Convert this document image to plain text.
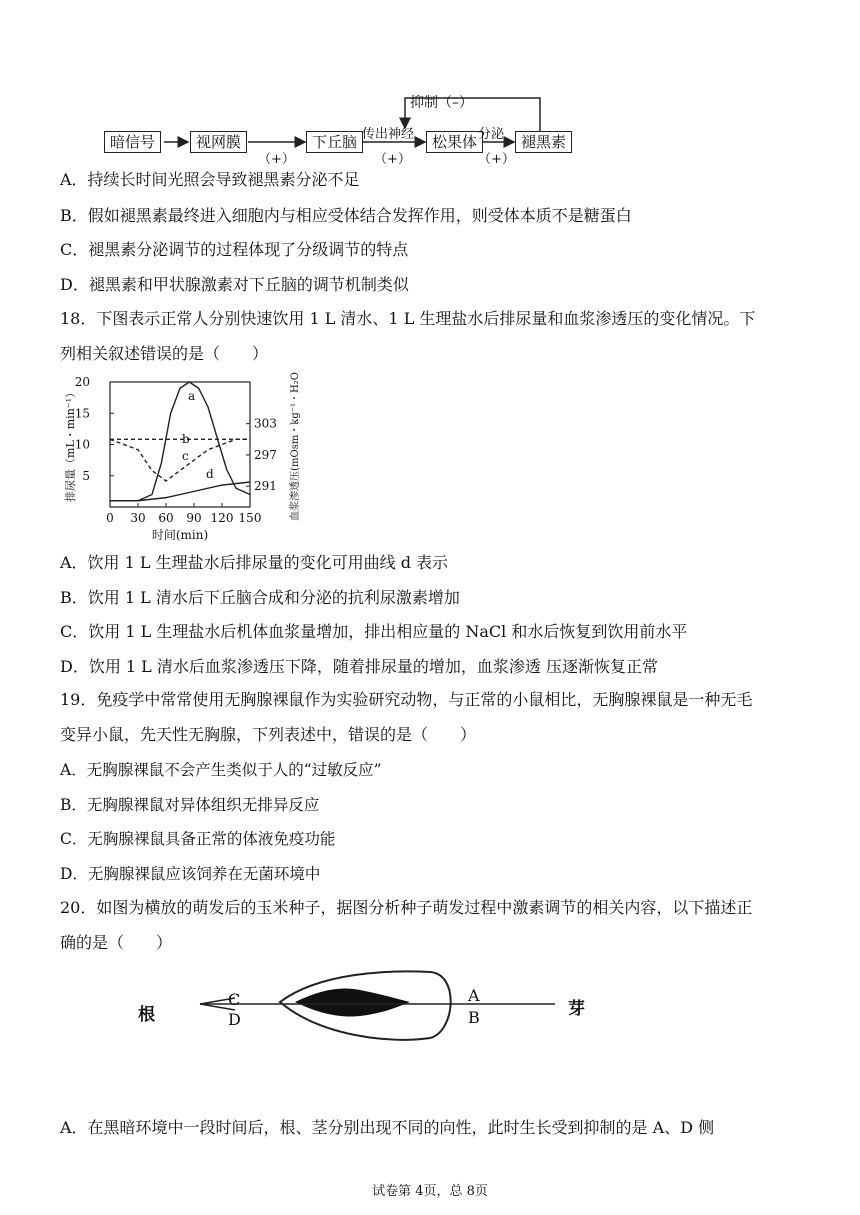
抑制（–）
暗信号	视网膜	下丘脑	松果体	褪黑素
传出神经	分泌
（+）	（+）	（+）
A．持续长时间光照会导致褪黑素分泌不足
B．假如褪黑素最终进入细胞内与相应受体结合发挥作用，则受体本质不是糖蛋白
C．褪黑素分泌调节的过程体现了分级调节的特点
D．褪黑素和甲状腺激素对下丘脑的调节机制类似
18．下图表示正常人分别快速饮用 1 L 清水、1 L 生理盐水后排尿量和血浆渗透压的变化情况。下
列相关叙述错误的是（　　）
5
10
15
20
291
297
303
0 30 60 90 120 150
时间(min)
排尿量（mL・min⁻¹）	血浆渗透压(mOsm・kg⁻¹・H₂O)
a
b
c
d
A．饮用 1 L 生理盐水后排尿量的变化可用曲线 d 表示
B．饮用 1 L 清水后下丘脑合成和分泌的抗利尿激素增加
C．饮用 1 L 生理盐水后机体血浆量增加，排出相应量的 NaCl 和水后恢复到饮用前水平
D．饮用 1 L 清水后血浆渗透压下降，随着排尿量的增加，血浆渗透 压逐渐恢复正常
19．免疫学中常常使用无胸腺裸鼠作为实验研究动物，与正常的小鼠相比，无胸腺裸鼠是一种无毛
变异小鼠，先天性无胸腺，下列表述中，错误的是（　　）
A．无胸腺裸鼠不会产生类似于人的“过敏反应”
B．无胸腺裸鼠对异体组织无排异反应
C．无胸腺裸鼠具备正常的体液免疫功能
D．无胸腺裸鼠应该饲养在无菌环境中
20．如图为横放的萌发后的玉米种子，据图分析种子萌发过程中激素调节的相关内容，以下描述正
确的是（　　）
根
C
D
A
B	芽
A．在黑暗环境中一段时间后，根、茎分别出现不同的向性，此时生长受到抑制的是 A、D 侧
试卷第 4页，总 8页
